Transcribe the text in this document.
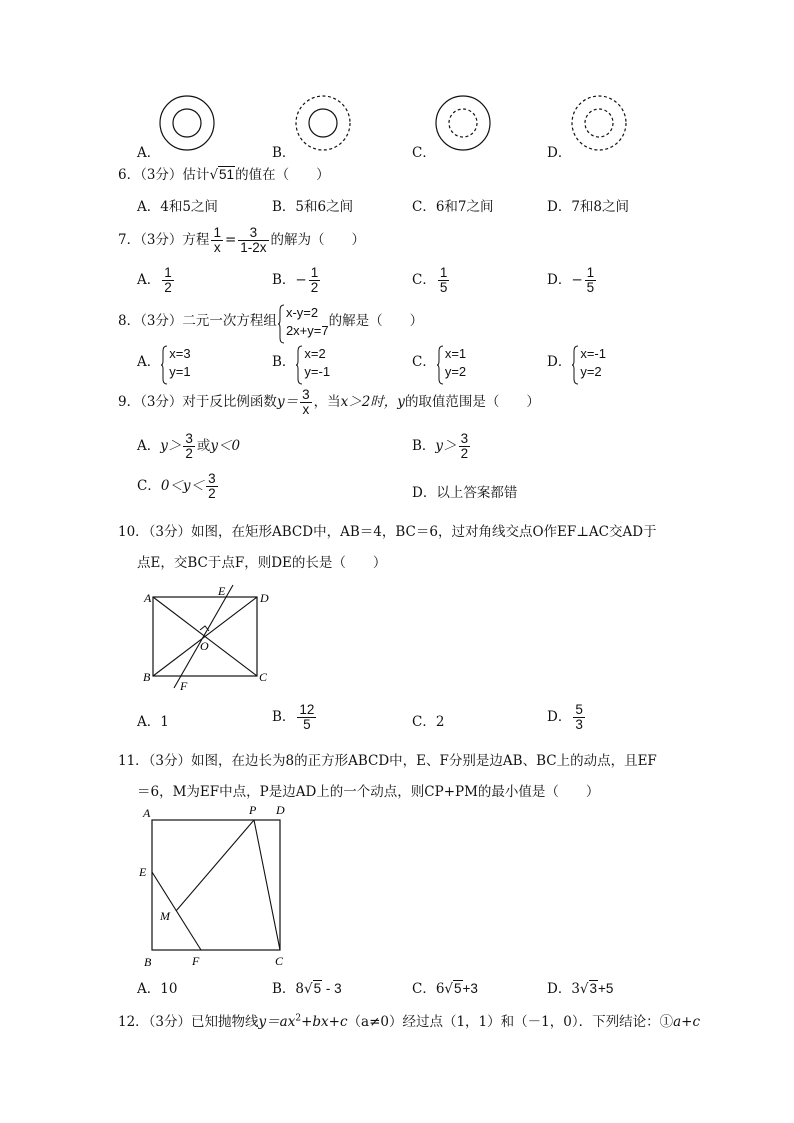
A．	B．	C．	D．
6．（3分）估计√51的值在（　　）
A．4和5之间	B．5和6之间	C．6和7之间	D．7和8之间
7．（3分）方程 $\frac{1}{x} = \frac{3}{1-2x}$ 的解为（　　）
A． $\frac{1}{2}$	B．− $\frac{1}{2}$	C． $\frac{1}{5}$	D．− $\frac{1}{5}$
8．（3分）二元一次方程组
x-y=2
2x+y=7
的解是（　　）
A．
x=3
y=1
B．
x=2
y=-1
C．
x=1
y=2
D．
x=-1
y=2
9．（3分）对于反比例函数$y= \frac{3}{x}$ ，当x＞2时，y的取值范围是（　　）
A．$y> \frac{3}{2}$ 或y＜0	B．$y> \frac{3}{2}$
C．$0<y< \frac{3}{2}$	D．以上答案都错
10．（3分）如图，在矩形ABCD中，AB＝4，BC＝6，过对角线交点O作EF⊥AC交AD于
点E，交BC于点F，则DE的长是（　　）
A	D
B	C
E
F
O
A．1	B． $\frac{12}{5}$	C．2	D． $\frac{5}{3}$
11．（3分）如图，在边长为8的正方形ABCD中，E、F分别是边AB、BC上的动点，且EF
＝6，M为EF中点，P是边AD上的一个动点，则CP+PM的最小值是（　　）
A	P D
E
M
B	F	C
A．10	B．8√5 - 3	C．6√5+3	D．3√3+5
12．（3分）已知抛物线$y=ax^2+bx+c(a\ne 0)$经过点（1，1）和（－1，0）．下列结论：①a+c
